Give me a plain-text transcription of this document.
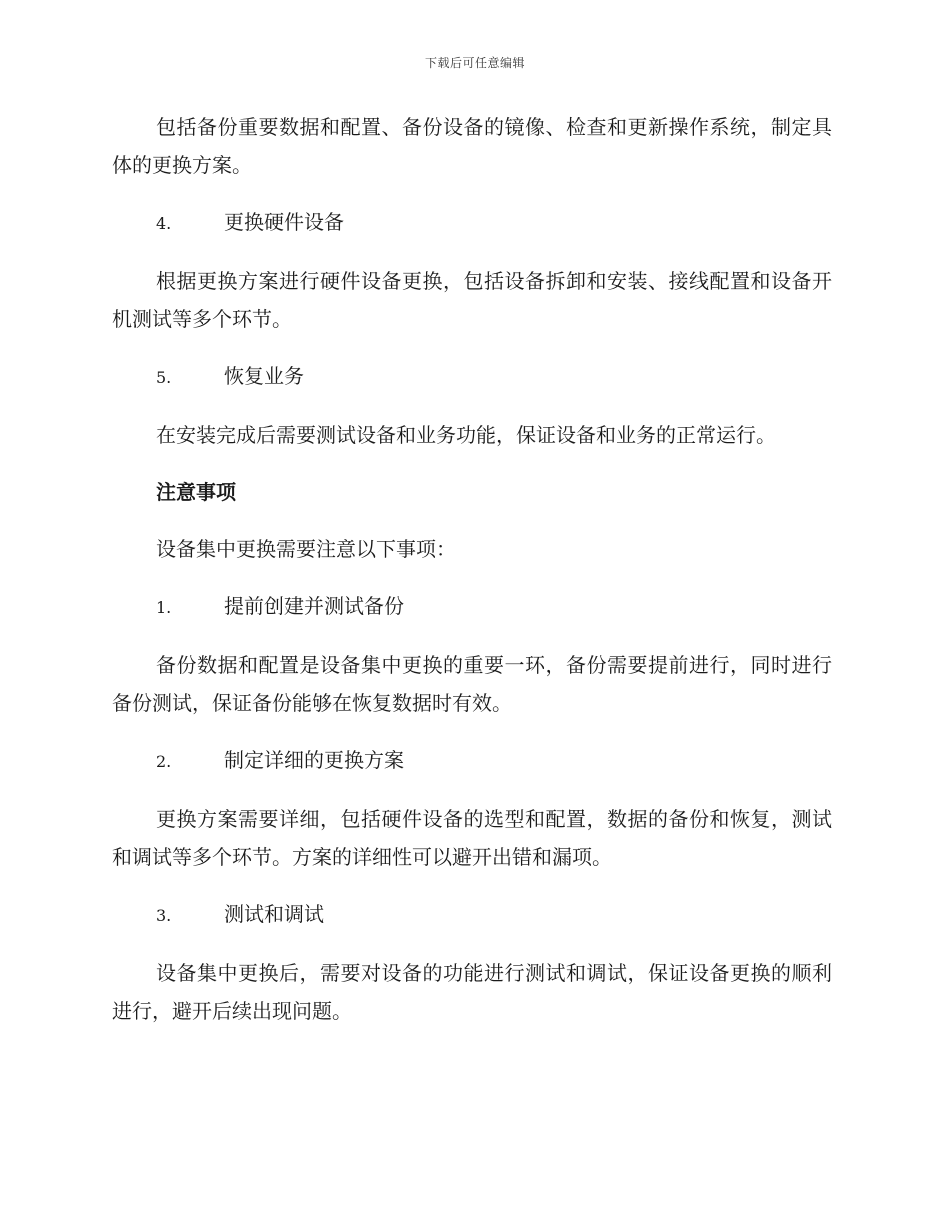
下载后可任意编辑

包括备份重要数据和配置、备份设备的镜像、检查和更新操作系统，制定具体的更换方案。

4.	更换硬件设备

根据更换方案进行硬件设备更换，包括设备拆卸和安装、接线配置和设备开机测试等多个环节。

5.	恢复业务

在安装完成后需要测试设备和业务功能，保证设备和业务的正常运行。

注意事项

设备集中更换需要注意以下事项：

1.	提前创建并测试备份

备份数据和配置是设备集中更换的重要一环，备份需要提前进行，同时进行备份测试，保证备份能够在恢复数据时有效。

2.	制定详细的更换方案

更换方案需要详细，包括硬件设备的选型和配置，数据的备份和恢复，测试和调试等多个环节。方案的详细性可以避开出错和漏项。

3.	测试和调试

设备集中更换后，需要对设备的功能进行测试和调试，保证设备更换的顺利进行，避开后续出现问题。
